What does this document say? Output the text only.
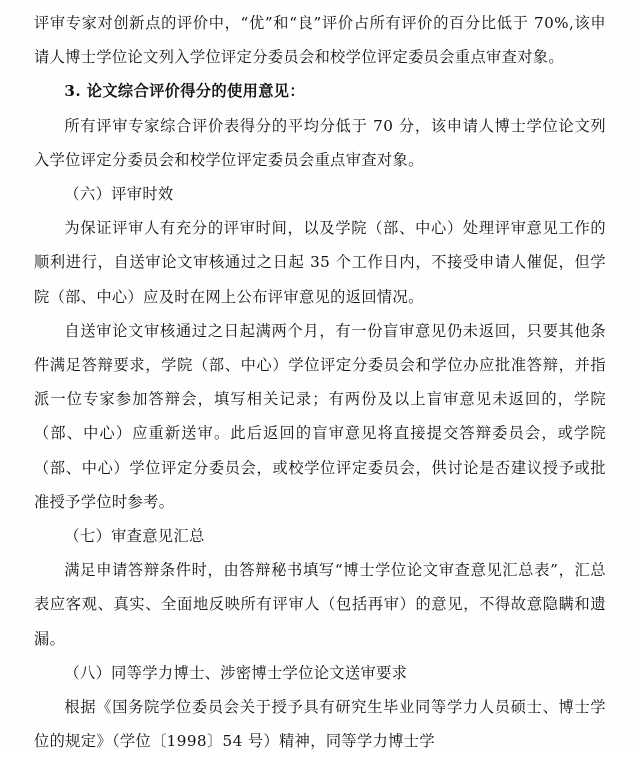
评审专家对创新点的评价中，“优”和“良”评价占所有评价的百分比低于 70%,该申请人博士学位论文列入学位评定分委员会和校学位评定委员会重点审查对象。

3. 论文综合评价得分的使用意见：

所有评审专家综合评价表得分的平均分低于 70 分，该申请人博士学位论文列入学位评定分委员会和校学位评定委员会重点审查对象。

（六）评审时效

为保证评审人有充分的评审时间，以及学院（部、中心）处理评审意见工作的顺利进行，自送审论文审核通过之日起 35 个工作日内，不接受申请人催促，但学院（部、中心）应及时在网上公布评审意见的返回情况。

自送审论文审核通过之日起满两个月，有一份盲审意见仍未返回，只要其他条件满足答辩要求，学院（部、中心）学位评定分委员会和学位办应批准答辩，并指派一位专家参加答辩会，填写相关记录；有两份及以上盲审意见未返回的，学院（部、中心）应重新送审。此后返回的盲审意见将直接提交答辩委员会，或学院（部、中心）学位评定分委员会，或校学位评定委员会，供讨论是否建议授予或批准授予学位时参考。

（七）审查意见汇总

满足申请答辩条件时，由答辩秘书填写“博士学位论文审查意见汇总表”，汇总表应客观、真实、全面地反映所有评审人（包括再审）的意见，不得故意隐瞒和遗漏。

（八）同等学力博士、涉密博士学位论文送审要求

根据《国务院学位委员会关于授予具有研究生毕业同等学力人员硕士、博士学位的规定》（学位〔1998〕54 号）精神，同等学力博士学
